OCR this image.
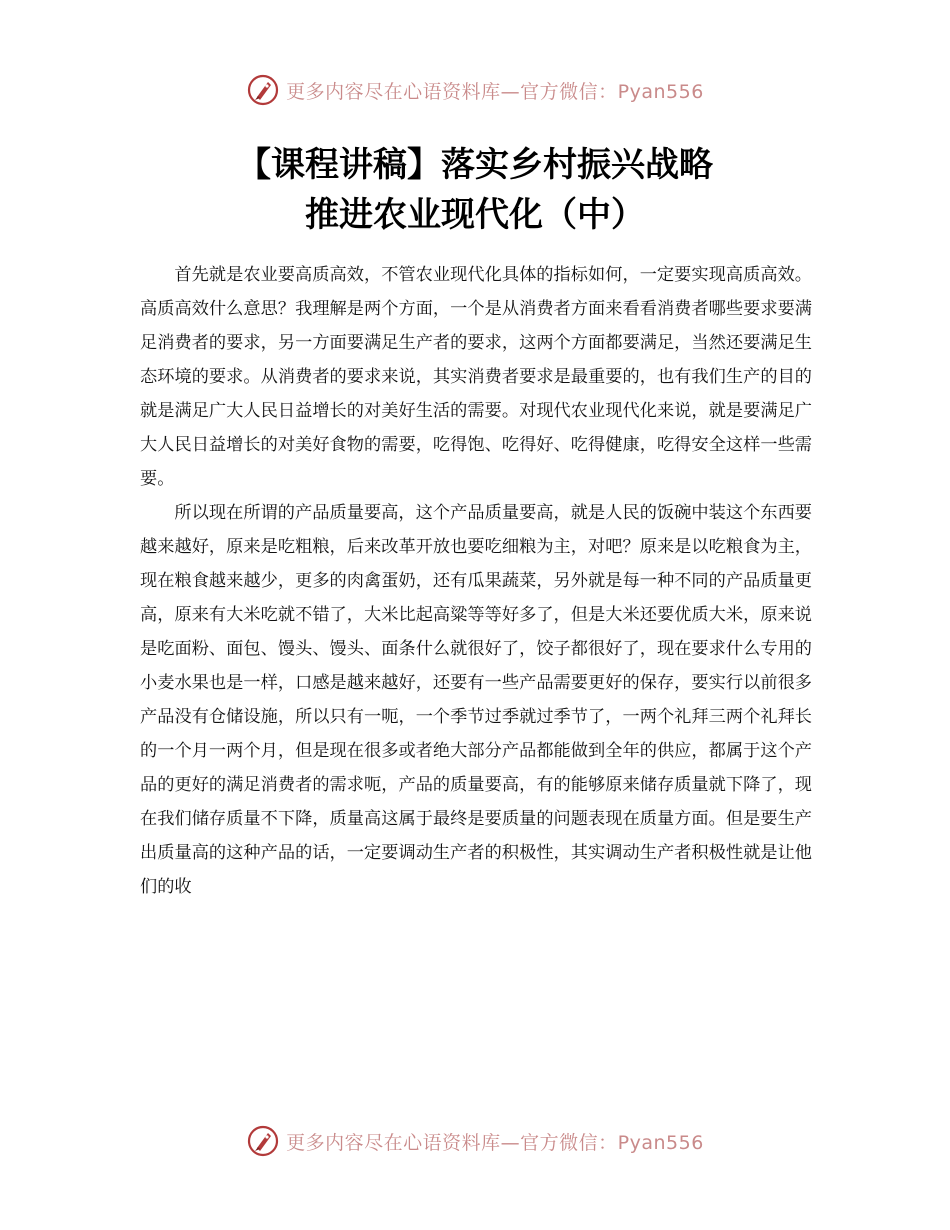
更多内容尽在心语资料库—官方微信：Pyan556
【课程讲稿】落实乡村振兴战略
推进农业现代化（中）

首先就是农业要高质高效，不管农业现代化具体的指标如何，一定要实现高质高效。高质高效什么意思？我理解是两个方面，一个是从消费者方面来看看消费者哪些要求要满足消费者的要求，另一方面要满足生产者的要求，这两个方面都要满足，当然还要满足生态环境的要求。从消费者的要求来说，其实消费者要求是最重要的，也有我们生产的目的就是满足广大人民日益增长的对美好生活的需要。对现代农业现代化来说，就是要满足广大人民日益增长的对美好食物的需要，吃得饱、吃得好、吃得健康，吃得安全这样一些需要。

所以现在所谓的产品质量要高，这个产品质量要高，就是人民的饭碗中装这个东西要越来越好，原来是吃粗粮，后来改革开放也要吃细粮为主，对吧？原来是以吃粮食为主，现在粮食越来越少，更多的肉禽蛋奶，还有瓜果蔬菜，另外就是每一种不同的产品质量更高，原来有大米吃就不错了，大米比起高粱等等好多了，但是大米还要优质大米，原来说是吃面粉、面包、馒头、馒头、面条什么就很好了，饺子都很好了，现在要求什么专用的小麦水果也是一样，口感是越来越好，还要有一些产品需要更好的保存，要实行以前很多产品没有仓储设施，所以只有一呃，一个季节过季就过季节了，一两个礼拜三两个礼拜长的一个月一两个月，但是现在很多或者绝大部分产品都能做到全年的供应，都属于这个产品的更好的满足消费者的需求呃，产品的质量要高，有的能够原来储存质量就下降了，现在我们储存质量不下降，质量高这属于最终是要质量的问题表现在质量方面。但是要生产出质量高的这种产品的话，一定要调动生产者的积极性，其实调动生产者积极性就是让他们的收

更多内容尽在心语资料库—官方微信：Pyan556
